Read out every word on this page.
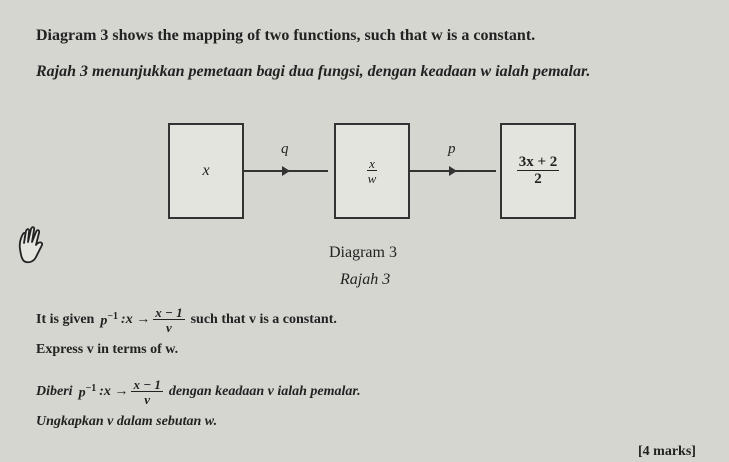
Diagram 3 shows the mapping of two functions, such that w is a constant.
Rajah 3 menunjukkan pemetaan bagi dua fungsi, dengan keadaan w ialah pemalar.
x
q
$\frac{x}{w}$
p
$\frac{3x + 2}{2}$
Diagram 3
Rajah 3
It is given $p^{-1}$ :x → $\frac{x - 1}{v}$ such that v is a constant.
Express v in terms of w.
Diberi $p^{-1}$ :x → $\frac{x - 1}{v}$ dengan keadaan v ialah pemalar.
Ungkapkan v dalam sebutan w.
[4 marks]
